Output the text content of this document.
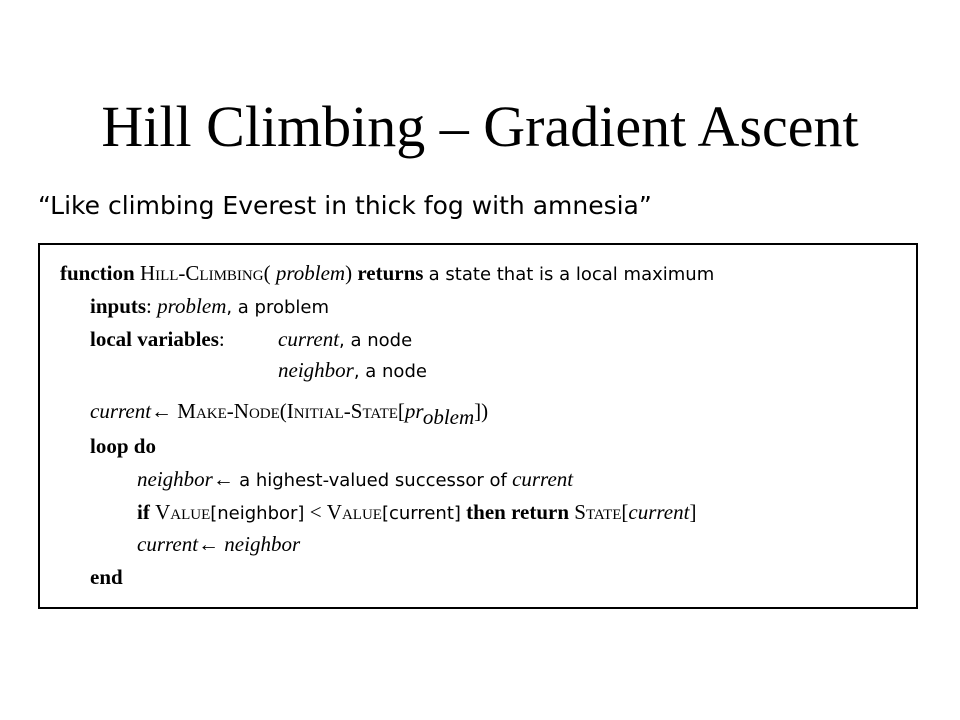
Hill Climbing – Gradient Ascent
“Like climbing Everest in thick fog with amnesia”
function Hill-Climbing( problem) returns a state that is a local maximum
inputs: problem, a problem
local variables:	current, a node
neighbor, a node
current← Make-Node(Initial-State[problem])
loop do
neighbor← a highest-valued successor of current
if Value[neighbor] < Value[current] then return State[current]
current← neighbor
end
